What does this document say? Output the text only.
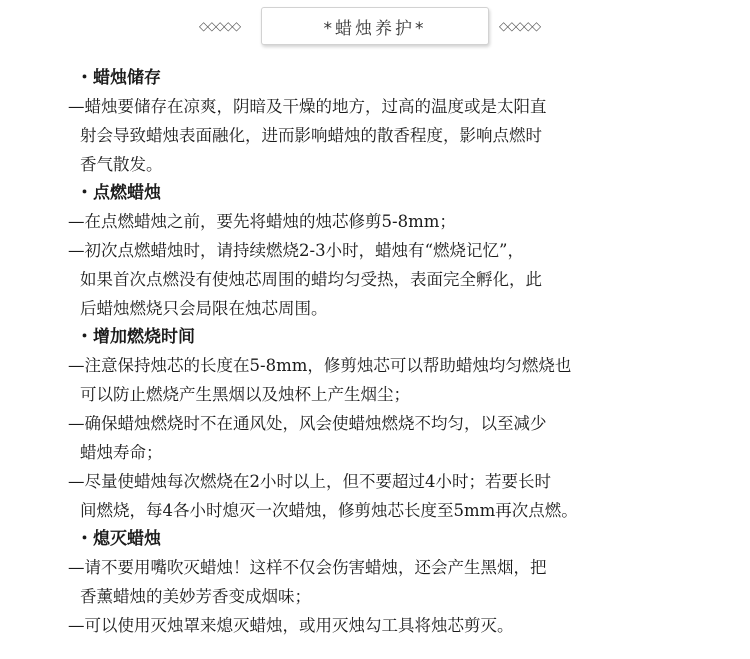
◇◇◇◇◇	*蜡烛养护*	◇◇◇◇◇
・蜡烛储存
—蜡烛要储存在凉爽，阴暗及干燥的地方，过高的温度或是太阳直
射会导致蜡烛表面融化，进而影响蜡烛的散香程度，影响点燃时
香气散发。
・点燃蜡烛
—在点燃蜡烛之前，要先将蜡烛的烛芯修剪5-8mm；
—初次点燃蜡烛时，请持续燃烧2-3小时，蜡烛有“燃烧记忆”，
如果首次点燃没有使烛芯周围的蜡均匀受热，表面完全孵化，此
后蜡烛燃烧只会局限在烛芯周围。
・增加燃烧时间
—注意保持烛芯的长度在5-8mm，修剪烛芯可以帮助蜡烛均匀燃烧也
可以防止燃烧产生黑烟以及烛杯上产生烟尘；
—确保蜡烛燃烧时不在通风处，风会使蜡烛燃烧不均匀，以至减少
蜡烛寿命；
—尽量使蜡烛每次燃烧在2小时以上，但不要超过4小时；若要长时
间燃烧，每4各小时熄灭一次蜡烛，修剪烛芯长度至5mm再次点燃。
・熄灭蜡烛
—请不要用嘴吹灭蜡烛！这样不仅会伤害蜡烛，还会产生黑烟，把
香薰蜡烛的美妙芳香变成烟味；
—可以使用灭烛罩来熄灭蜡烛，或用灭烛勾工具将烛芯剪灭。
